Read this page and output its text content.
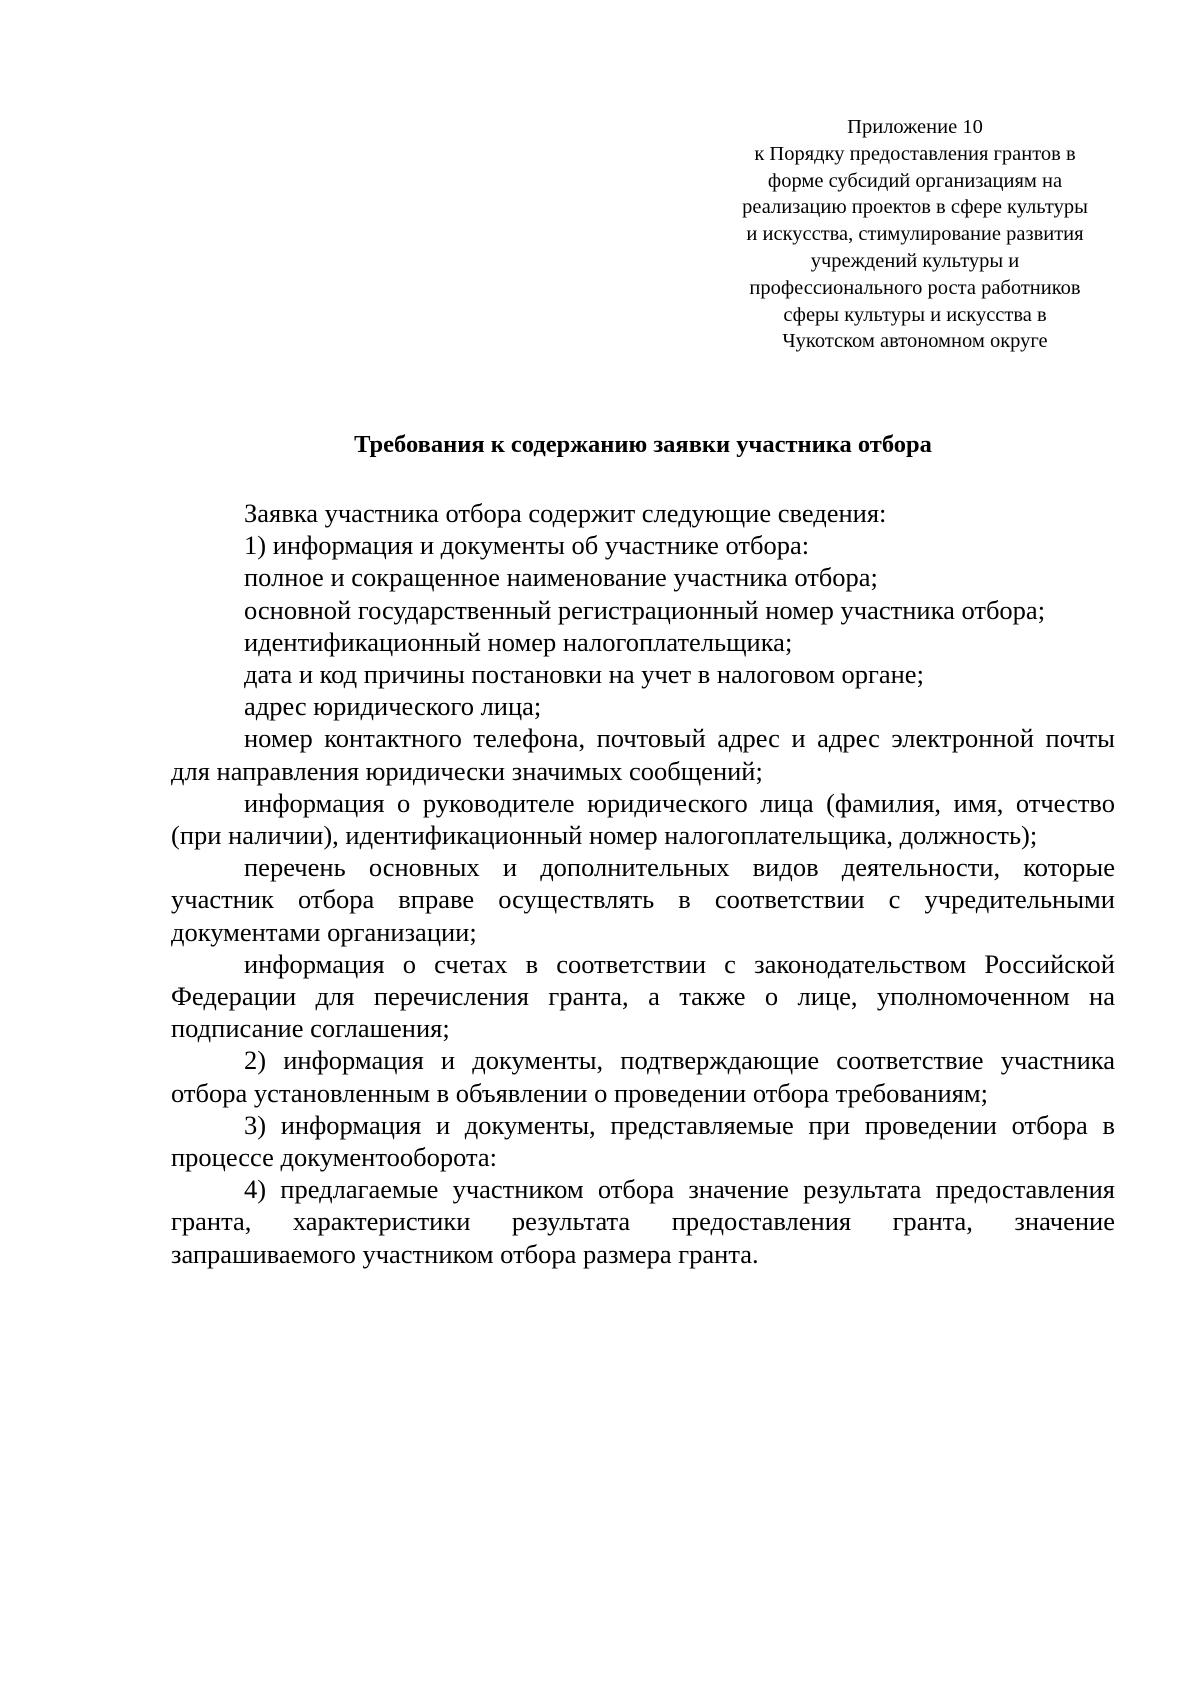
Приложение 10
к Порядку предоставления грантов в
форме субсидий организациям на
реализацию проектов в сфере культуры
и искусства, стимулирование развития
учреждений культуры и
профессионального роста работников
сферы культуры и искусства в
Чукотском автономном округе
Требования к содержанию заявки участника отбора

Заявка участника отбора содержит следующие сведения:

1) информация и документы об участнике отбора:

полное и сокращенное наименование участника отбора;

основной государственный регистрационный номер участника отбора;

идентификационный номер налогоплательщика;

дата и код причины постановки на учет в налоговом органе;

адрес юридического лица;

номер контактного телефона, почтовый адрес и адрес электронной почты для направления юридически значимых сообщений;

информация о руководителе юридического лица (фамилия, имя, отчество (при наличии), идентификационный номер налогоплательщика, должность);

перечень основных и дополнительных видов деятельности, которые участник отбора вправе осуществлять в соответствии с учредительными документами организации;

информация о счетах в соответствии с законодательством Российской Федерации для перечисления гранта, а также о лице, уполномоченном на подписание соглашения;

2) информация и документы, подтверждающие соответствие участника отбора установленным в объявлении о проведении отбора требованиям;

3) информация и документы, представляемые при проведении отбора в процессе документооборота:

4) предлагаемые участником отбора значение результата предоставления гранта, характеристики результата предоставления гранта, значение запрашиваемого участником отбора размера гранта.
